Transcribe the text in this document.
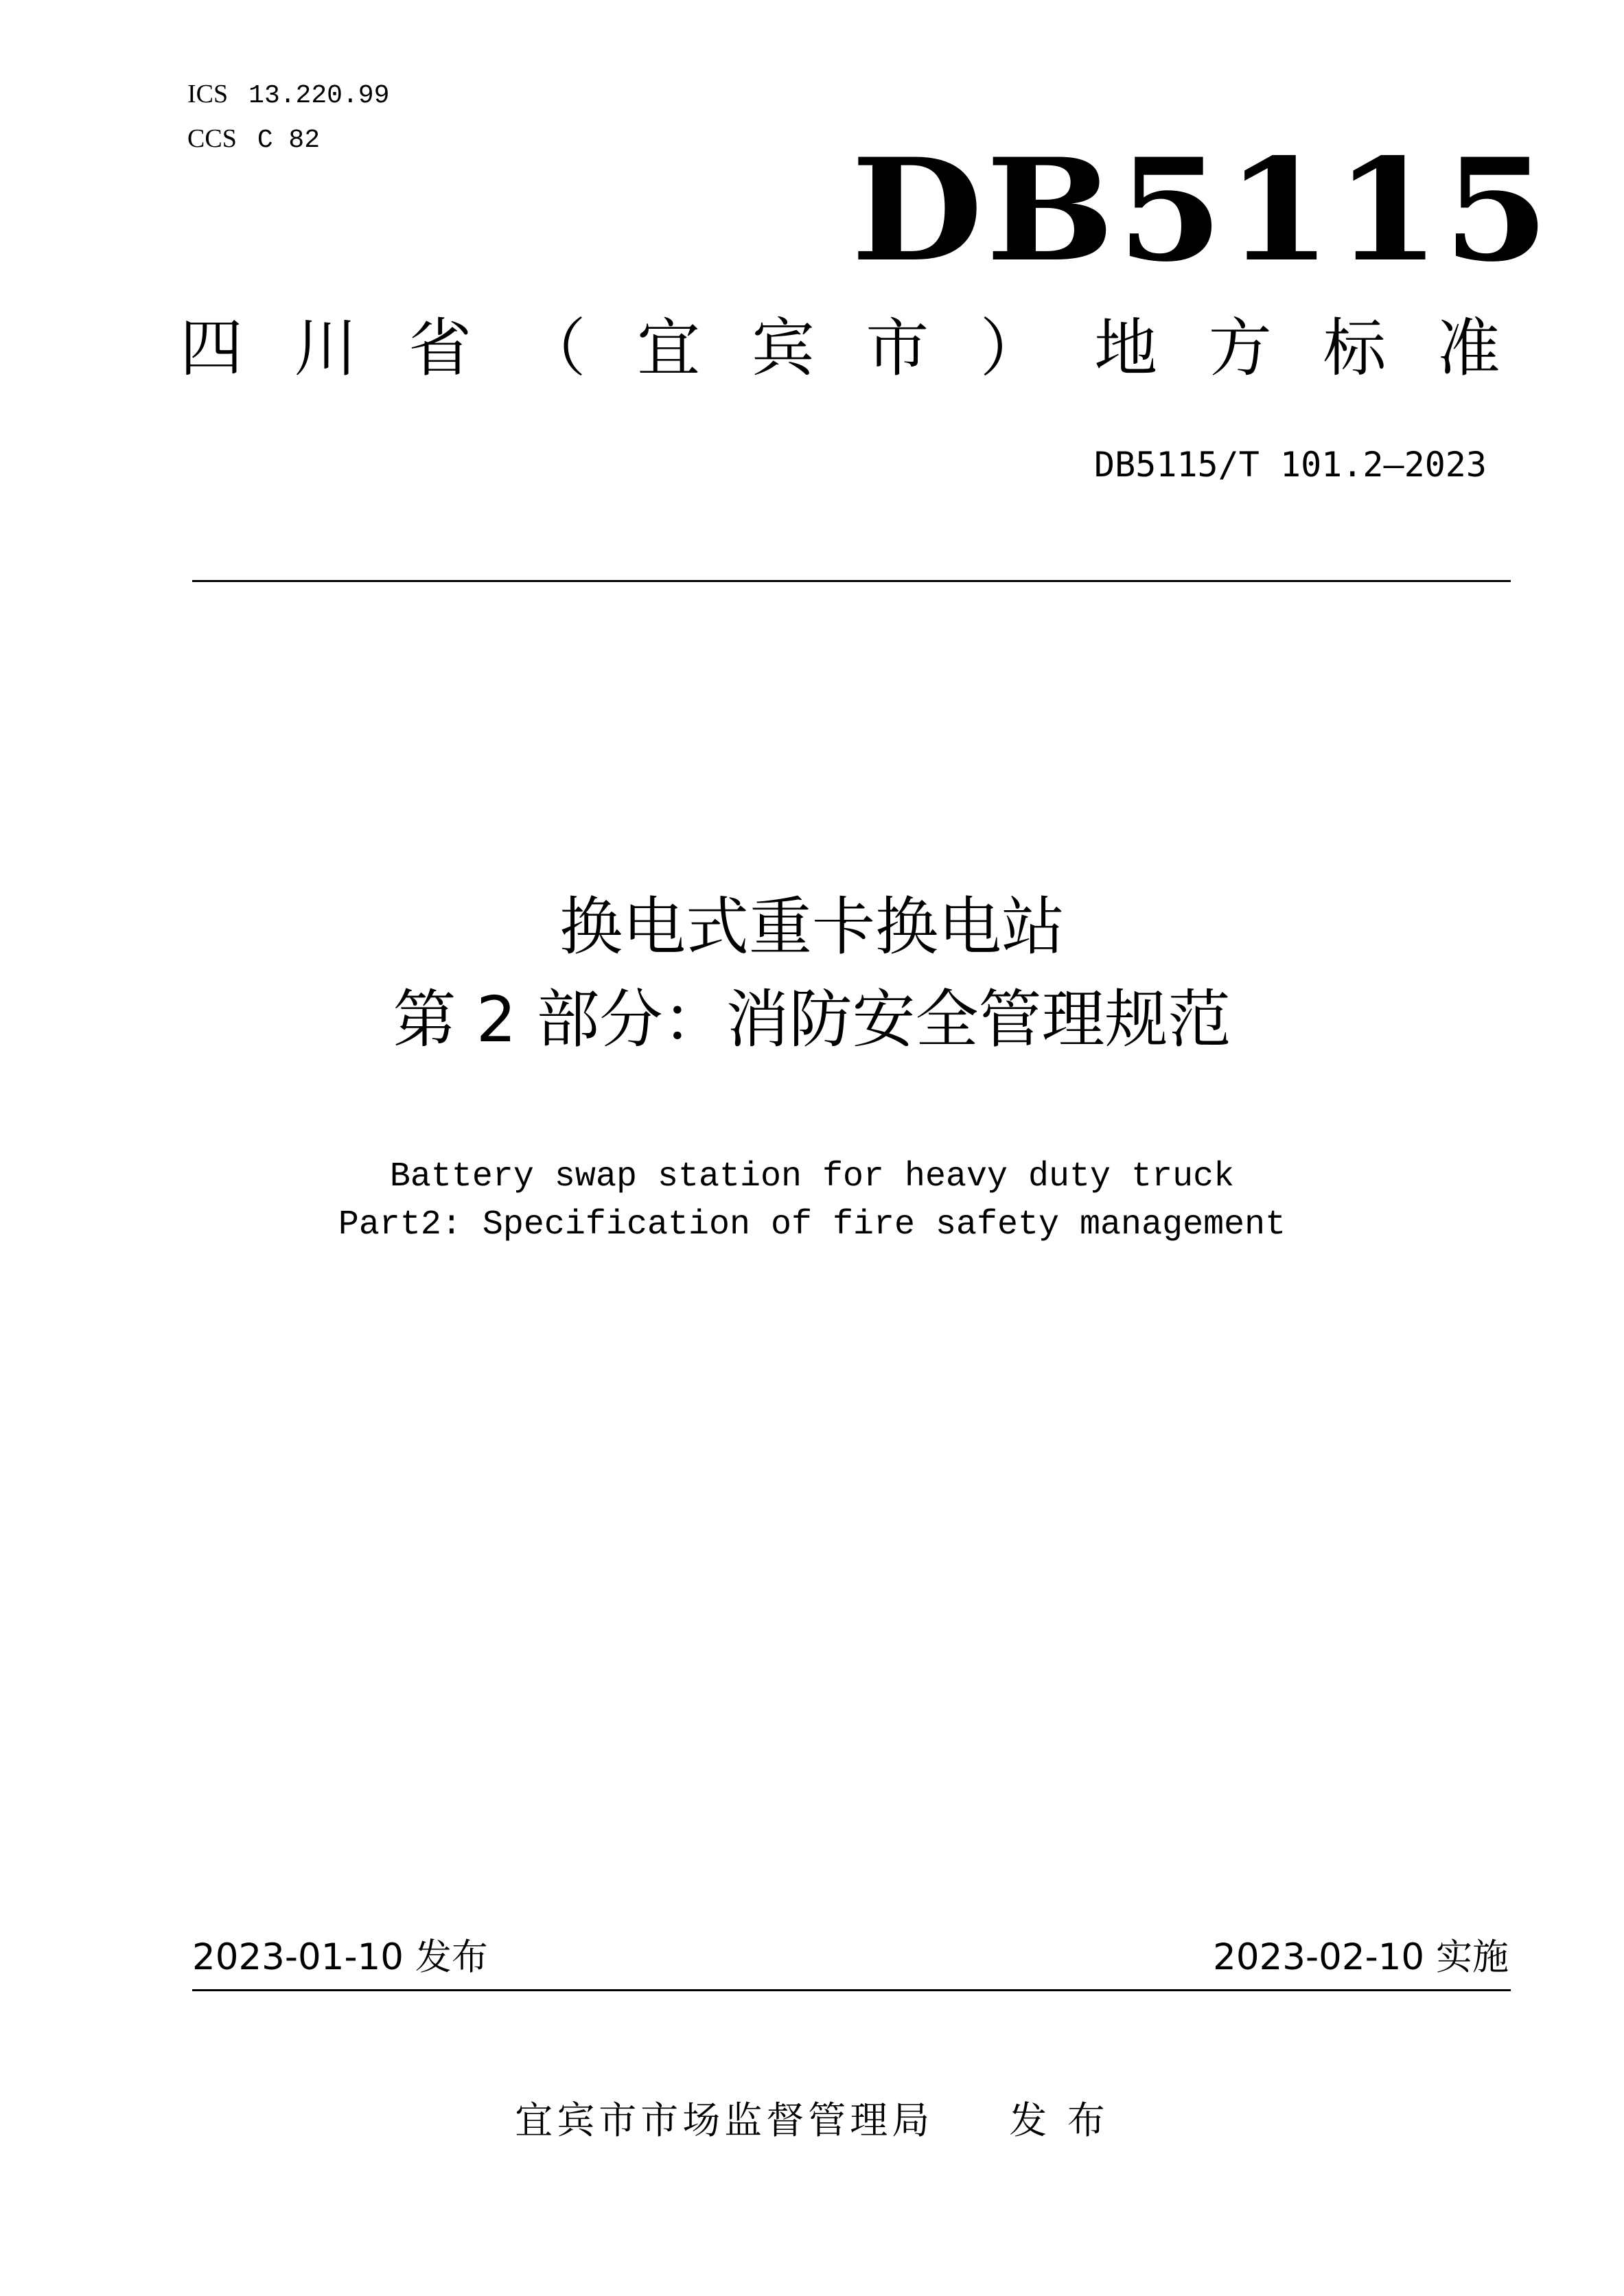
ICS 13.220.99
CCS C 82	DB5115
四 川 省 （ 宜 宾 市 ） 地 方 标 准
DB5115/T 101.2—2023
换电式重卡换电站
第 2 部分：消防安全管理规范
Battery swap station for heavy duty truck
Part2: Specification of fire safety management
2023-01-10 发布	2023-02-10 实施
宜宾市市场监督管理局 发 布
